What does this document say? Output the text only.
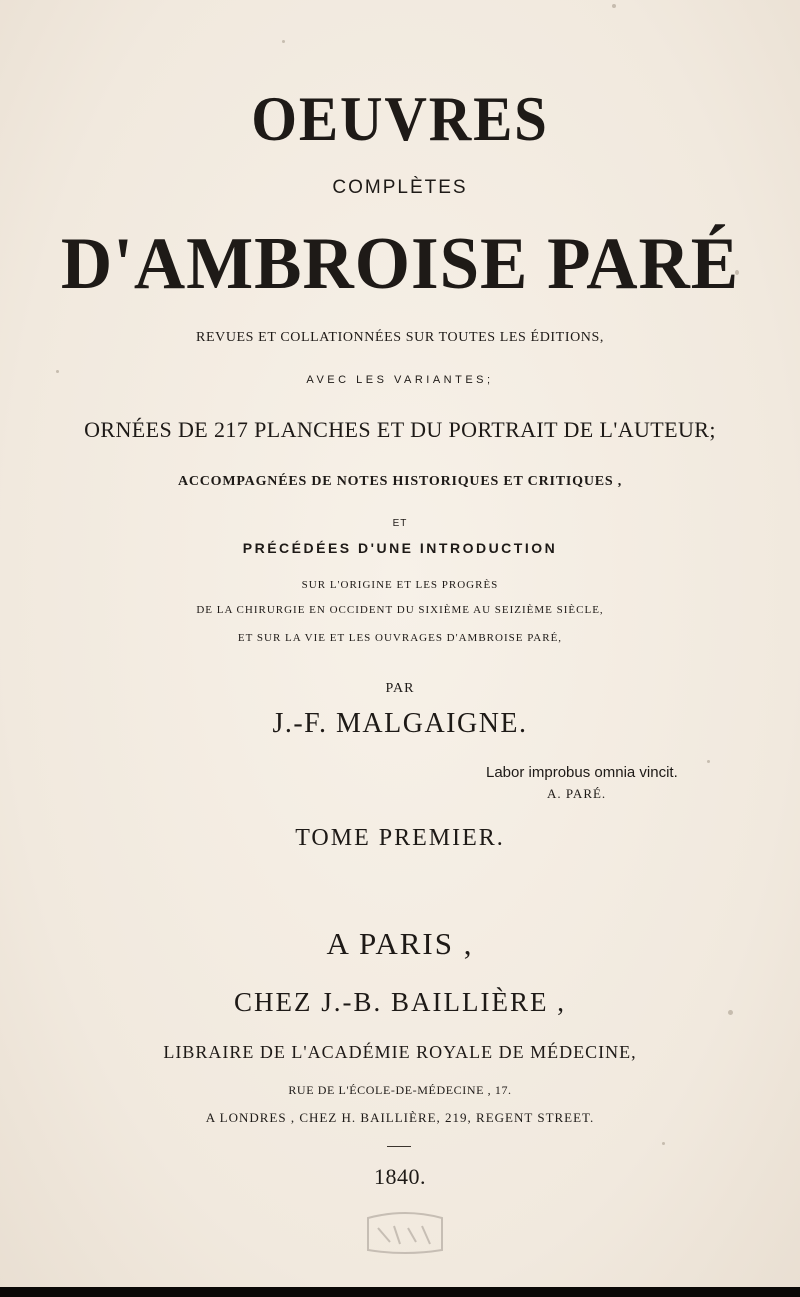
OEUVRES
COMPLÈTES
D'AMBROISE PARÉ
REVUES ET COLLATIONNÉES SUR TOUTES LES ÉDITIONS,
AVEC LES VARIANTES;
ORNÉES DE 217 PLANCHES ET DU PORTRAIT DE L'AUTEUR;
ACCOMPAGNÉES DE NOTES HISTORIQUES ET CRITIQUES ,
ET
PRÉCÉDÉES D'UNE INTRODUCTION
SUR L'ORIGINE ET LES PROGRÈS
DE LA CHIRURGIE EN OCCIDENT DU SIXIÈME AU SEIZIÈME SIÈCLE,
ET SUR LA VIE ET LES OUVRAGES D'AMBROISE PARÉ,
PAR
J.-F. MALGAIGNE.
Labor improbus omnia vincit.
A. PARÉ.
TOME PREMIER.
A PARIS ,
CHEZ J.-B. BAILLIÈRE ,
LIBRAIRE DE L'ACADÉMIE ROYALE DE MÉDECINE,
RUE DE L'ÉCOLE-DE-MÉDECINE , 17.
A LONDRES , CHEZ H. BAILLIÈRE, 219, REGENT STREET.
1840.
